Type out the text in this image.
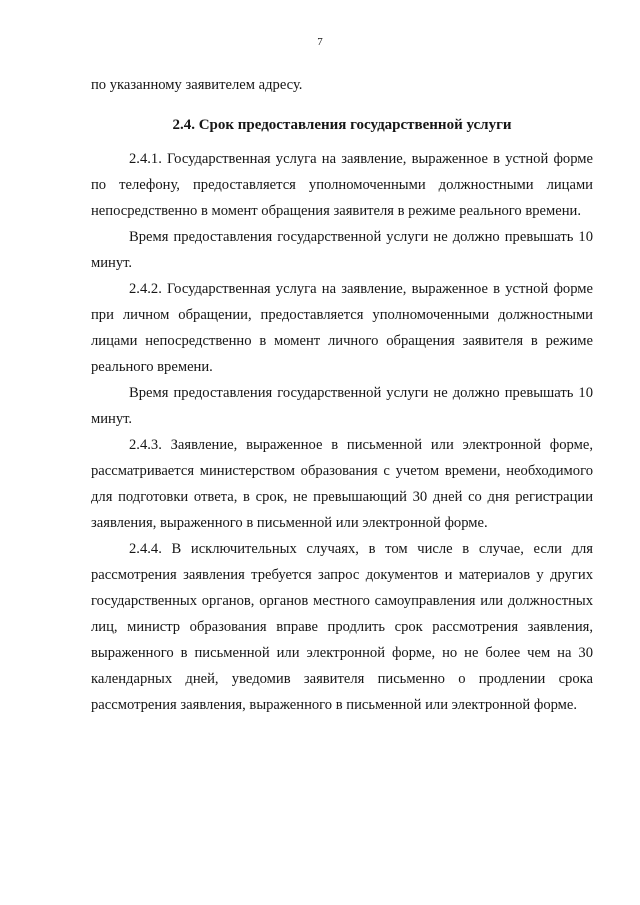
7

по указанному заявителем адресу.

2.4. Срок предоставления государственной услуги

2.4.1. Государственная услуга на заявление, выраженное в устной форме по телефону, предоставляется уполномоченными должностными лицами непосредственно в момент обращения заявителя в режиме реального времени.

Время предоставления государственной услуги не должно превышать 10 минут.

2.4.2. Государственная услуга на заявление, выраженное в устной форме при личном обращении, предоставляется уполномоченными должностными лицами непосредственно в момент личного обращения заявителя в режиме реального времени.

Время предоставления государственной услуги не должно превышать 10 минут.

2.4.3. Заявление, выраженное в письменной или электронной форме, рассматривается министерством образования с учетом времени, необходимого для подготовки ответа, в срок, не превышающий 30 дней со дня регистрации заявления, выраженного в письменной или электронной форме.

2.4.4. В исключительных случаях, в том числе в случае, если для рассмотрения заявления требуется запрос документов и материалов у других государственных органов, органов местного самоуправления или должностных лиц, министр образования вправе продлить срок рассмотрения заявления, выраженного в письменной или электронной форме, но не более чем на 30 календарных дней, уведомив заявителя письменно о продлении срока рассмотрения заявления, выраженного в письменной или электронной форме.
